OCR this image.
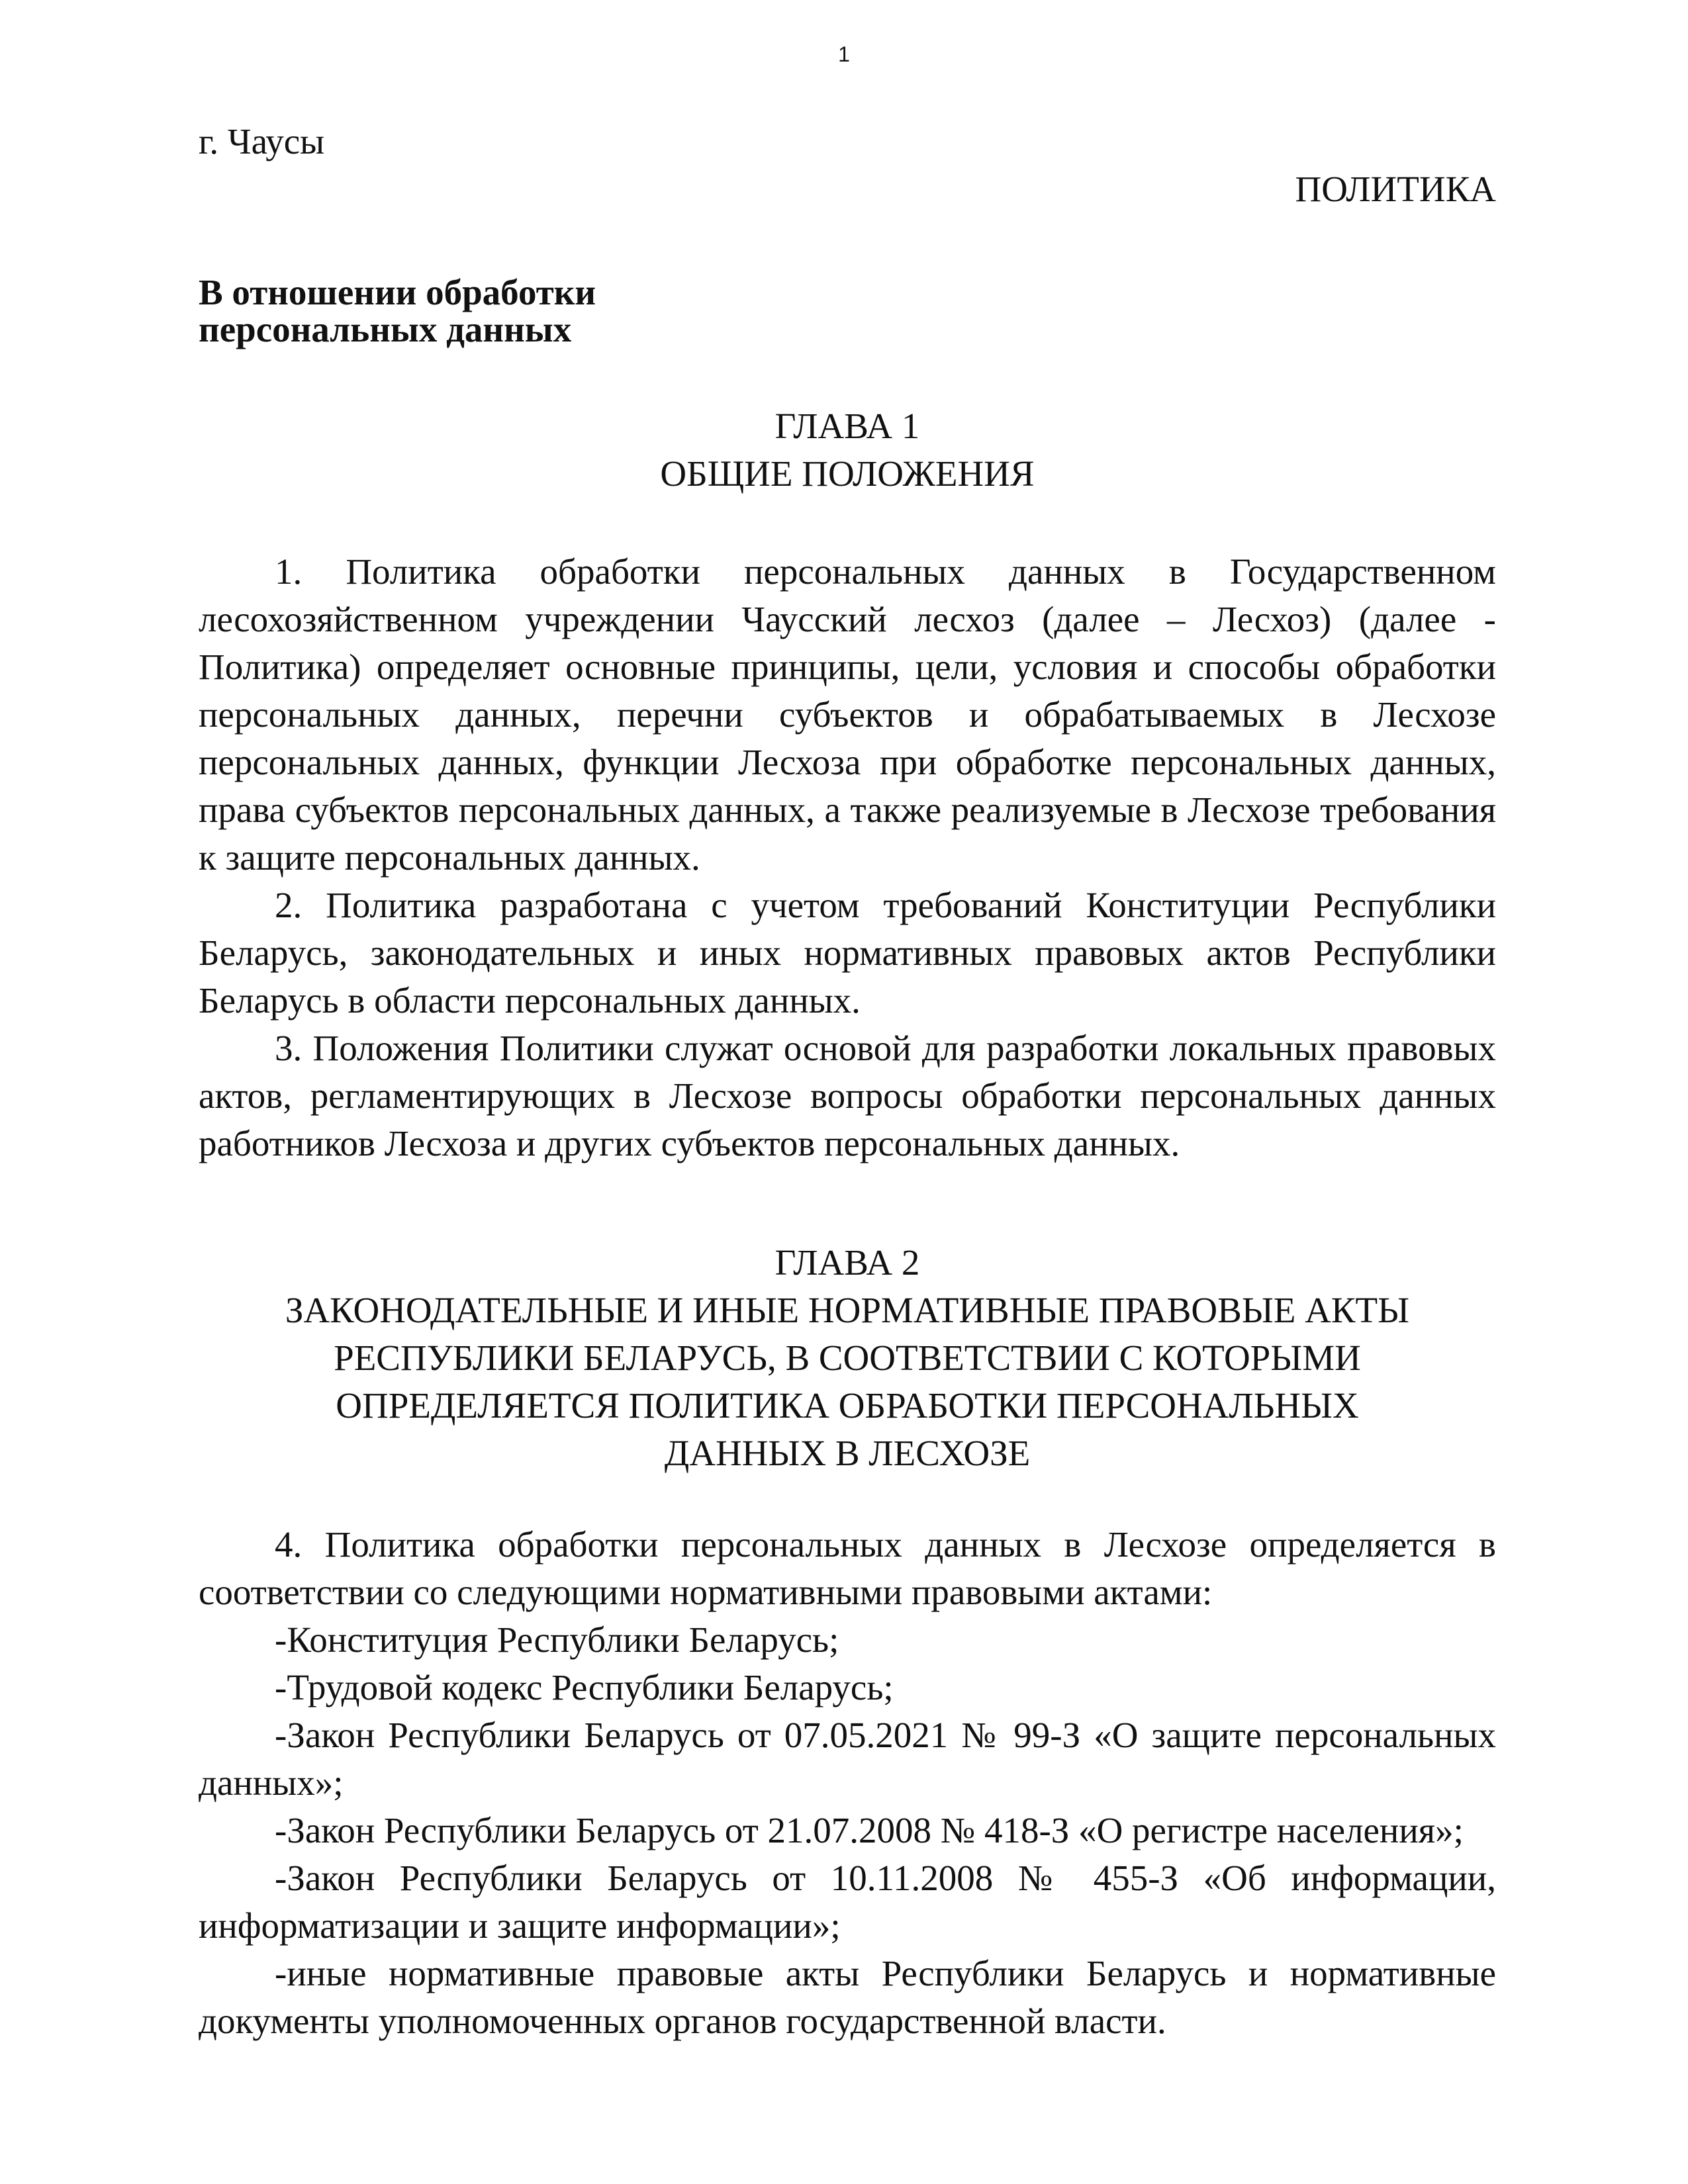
1

г. Чаусы

ПОЛИТИКА

В отношении обработки
персональных данных

ГЛАВА 1
ОБЩИЕ ПОЛОЖЕНИЯ

1. Политика обработки персональных данных в Государственном лесохозяйственном учреждении Чаусский лесхоз (далее – Лесхоз) (далее - Политика) определяет основные принципы, цели, условия и способы обработки персональных данных, перечни субъектов и обрабатываемых в Лесхозе персональных данных, функции Лесхоза при обработке персональных данных, права субъектов персональных данных, а также реализуемые в Лесхозе требования к защите персональных данных.

2. Политика разработана с учетом требований Конституции Республики Беларусь, законодательных и иных нормативных правовых актов Республики Беларусь в области персональных данных.

3. Положения Политики служат основой для разработки локальных правовых актов, регламентирующих в Лесхозе вопросы обработки персональных данных работников Лесхоза и других субъектов персональных данных.

ГЛАВА 2
ЗАКОНОДАТЕЛЬНЫЕ И ИНЫЕ НОРМАТИВНЫЕ ПРАВОВЫЕ АКТЫ
РЕСПУБЛИКИ БЕЛАРУСЬ, В СООТВЕТСТВИИ С КОТОРЫМИ
ОПРЕДЕЛЯЕТСЯ ПОЛИТИКА ОБРАБОТКИ ПЕРСОНАЛЬНЫХ
ДАННЫХ В ЛЕСХОЗЕ

4. Политика обработки персональных данных в Лесхозе определяется в соответствии со следующими нормативными правовыми актами:

-Конституция Республики Беларусь;

-Трудовой кодекс Республики Беларусь;

-Закон Республики Беларусь от 07.05.2021 № 99-З «О защите персональных данных»;

-Закон Республики Беларусь от 21.07.2008 № 418-З «О регистре населения»;

-Закон Республики Беларусь от 10.11.2008 № 455-З «Об информации, информатизации и защите информации»;

-иные нормативные правовые акты Республики Беларусь и нормативные документы уполномоченных органов государственной власти.
